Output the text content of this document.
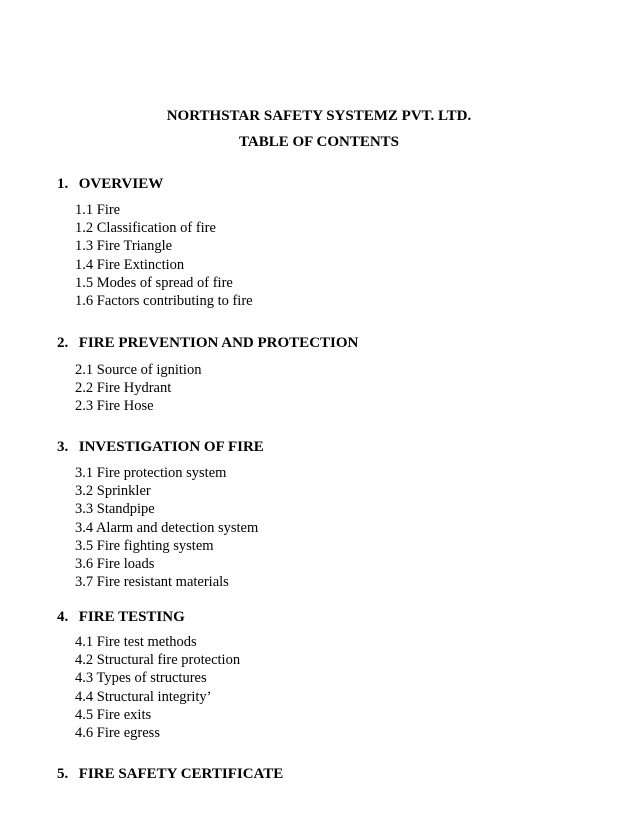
NORTHSTAR SAFETY SYSTEMZ PVT. LTD.
TABLE OF CONTENTS
1. OVERVIEW
1.1 Fire
1.2 Classification of fire
1.3 Fire Triangle
1.4 Fire Extinction
1.5 Modes of spread of fire
1.6 Factors contributing to fire
2. FIRE PREVENTION AND PROTECTION
2.1 Source of ignition
2.2 Fire Hydrant
2.3 Fire Hose
3. INVESTIGATION OF FIRE
3.1 Fire protection system
3.2 Sprinkler
3.3 Standpipe
3.4 Alarm and detection system
3.5 Fire fighting system
3.6 Fire loads
3.7 Fire resistant materials
4. FIRE TESTING
4.1 Fire test methods
4.2 Structural fire protection
4.3 Types of structures
4.4 Structural integrity’
4.5 Fire exits
4.6 Fire egress
5. FIRE SAFETY CERTIFICATE
